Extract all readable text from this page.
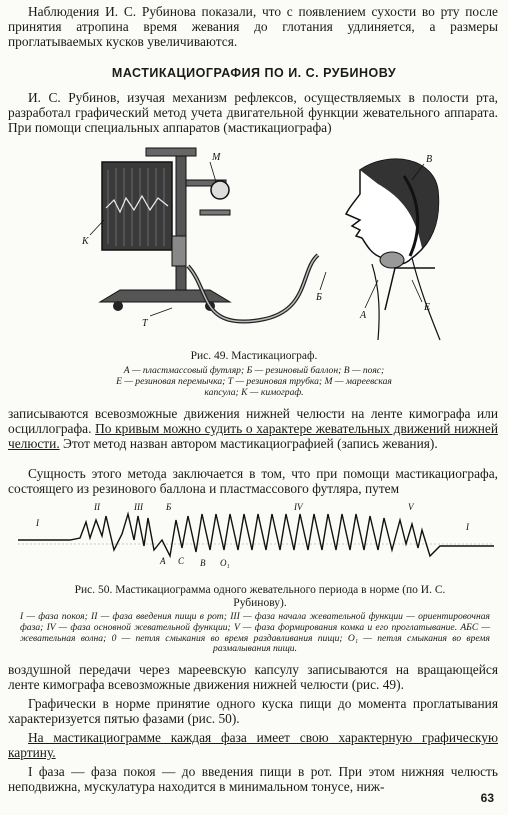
Наблюдения И. С. Рубинова показали, что с появлением сухости во рту после принятия атропина время жевания до глотания удлиняется, а размеры проглатываемых кусков увеличиваются.
МАСТИКАЦИОГРАФИЯ ПО И. С. РУБИНОВУ
И. С. Рубинов, изучая механизм рефлексов, осуществляемых в полости рта, разработал графический метод учета двигательной функции жевательного аппарата. При помощи специальных аппаратов (мастикациографа)
М
К
Т
В
Б
А
Е
Рис. 49. Мастикациограф.
А — пластмассовый футляр; Б — резиновый баллон; В — пояс;
Е — резиновая перемычка; Т — резиновая трубка; М — мареевская
капсула; К — кимограф.
записываются всевозможные движения нижней челюсти на ленте кимографа или осциллографа. По кривым можно судить о характере жевательных движений нижней челюсти. Этот метод назван автором мастикациографией (запись жевания).
Сущность этого метода заключается в том, что при помощи мастикациографа, состоящего из резинового баллона и пластмассового футляра, путем
I
II	III	IV	V
I
Б
А С В О₁
Рис. 50. Мастикациограмма одного жевательного периода в норме (по И. С. Рубинову).
I — фаза покоя; II — фаза введения пищи в рот; III — фаза начала жевательной функции — ориентировочная фаза; IV — фаза основной жевательной функции; V — фаза формирования комка и его проглатывание. АБС — жевательная волна; 0 — петля смыкания во время раздавливания пищи; О₁ — петля смыкания во время размалывания пищи.
воздушной передачи через мареевскую капсулу записываются на вращающейся ленте кимографа всевозможные движения нижней челюсти (рис. 49).
Графически в норме принятие одного куска пищи до момента проглатывания характеризуется пятью фазами (рис. 50).
На мастикациограмме каждая фаза имеет свою характерную графическую картину.
I фаза — фаза покоя — до введения пищи в рот. При этом нижняя челюсть неподвижна, мускулатура находится в минимальном тонусе, ниж-
63
